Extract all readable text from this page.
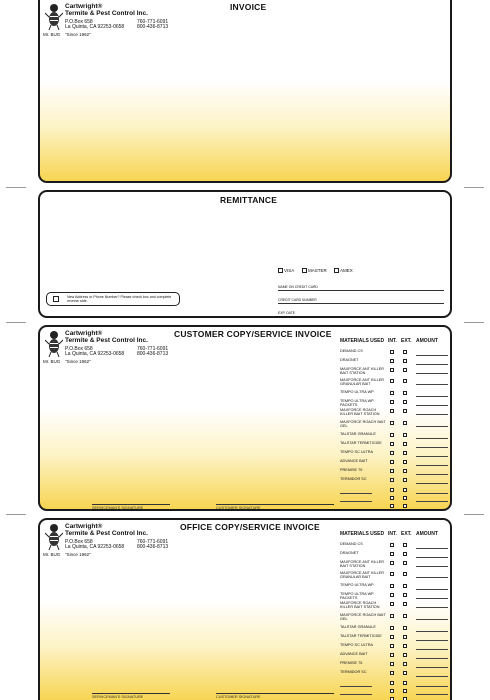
Cartwright®
Termite & Pest Control Inc.
P.O.Box 658
La Quinta, CA 92253-0658
760-771-6091
800-436-8713
Mr. BUG "Since 1962"
INVOICE
REMITTANCE
VISA	MASTER	AMEX
NAME ON CREDIT CARD
CREDIT CARD NUMBER
EXP. DATE
New Address or Phone Number? Please check box and complete reverse side.
Cartwright®
Termite & Pest Control Inc.
P.O.Box 658
La Quinta, CA 92253-0658
760-771-6091
800-436-8713
Mr. BUG "Since 1962"
CUSTOMER COPY/SERVICE INVOICE
MATERIALS USED INT. EXT. AMOUNT
DEMAND CS
DRAGNET
MAXFORCE ANT KILLER BAIT STATION
MAXFORCE ANT KILLER GRANULAR BAIT
TEMPO ULTRA WP
TEMPO ULTRA WP PACKETS
MAXFORCE ROACH KILLER BAIT STATION
MAXFORCE ROACH BAIT GEL
TALSTAR GRANULE
TALSTAR TERMITICIDE
TEMPO SC ULTRA
ADVANCE BAIT
PREMISE 75
TERMIDOR SC
SERVICEMAN'S SIGNATURE	CUSTOMER SIGNATURE
Cartwright®
Termite & Pest Control Inc.
P.O.Box 658
La Quinta, CA 92253-0658
760-771-6091
800-436-8713
Mr. BUG "Since 1962"
OFFICE COPY/SERVICE INVOICE
MATERIALS USED INT. EXT. AMOUNT
DEMAND CS
DRAGNET
MAXFORCE ANT KILLER BAIT STATION
MAXFORCE ANT KILLER GRANULAR BAIT
TEMPO ULTRA WP
TEMPO ULTRA WP PACKETS
MAXFORCE ROACH KILLER BAIT STATION
MAXFORCE ROACH BAIT GEL
TALSTAR GRANULE
TALSTAR TERMITICIDE
TEMPO SC ULTRA
ADVANCE BAIT
PREMISE 75
TERMIDOR SC
SERVICEMAN'S SIGNATURE	CUSTOMER SIGNATURE
